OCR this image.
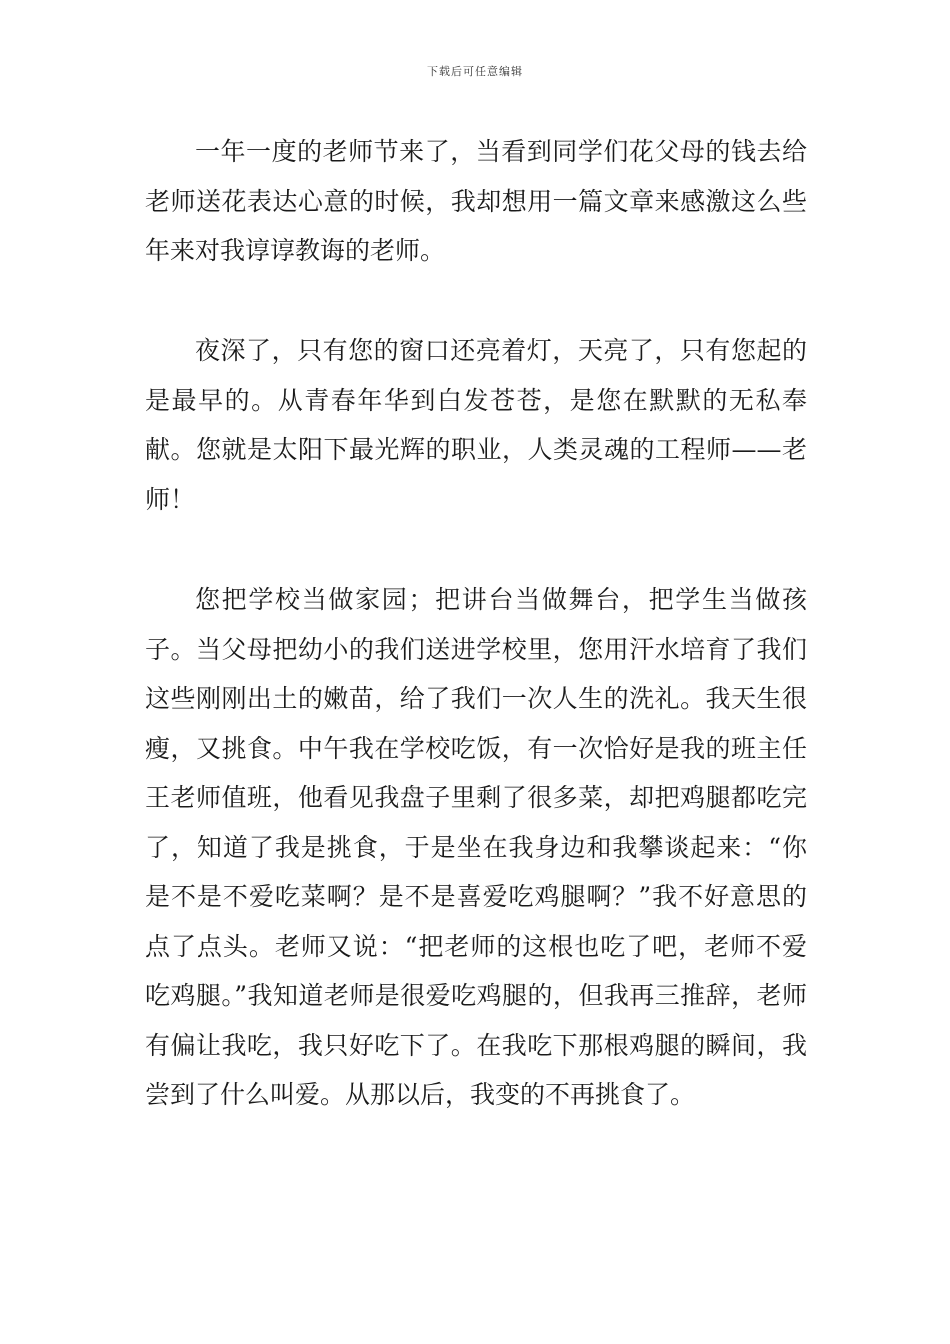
下载后可任意编辑

一年一度的老师节来了，当看到同学们花父母的钱去给老师送花表达心意的时候，我却想用一篇文章来感激这么些年来对我谆谆教诲的老师。

夜深了，只有您的窗口还亮着灯，天亮了，只有您起的是最早的。从青春年华到白发苍苍，是您在默默的无私奉献。您就是太阳下最光辉的职业，人类灵魂的工程师——老师！

您把学校当做家园；把讲台当做舞台，把学生当做孩子。当父母把幼小的我们送进学校里，您用汗水培育了我们这些刚刚出土的嫩苗，给了我们一次人生的洗礼。我天生很瘦，又挑食。中午我在学校吃饭，有一次恰好是我的班主任王老师值班，他看见我盘子里剩了很多菜，却把鸡腿都吃完了，知道了我是挑食，于是坐在我身边和我攀谈起来：“你是不是不爱吃菜啊？是不是喜爱吃鸡腿啊？”我不好意思的点了点头。老师又说：“把老师的这根也吃了吧，老师不爱吃鸡腿。”我知道老师是很爱吃鸡腿的，但我再三推辞，老师有偏让我吃，我只好吃下了。在我吃下那根鸡腿的瞬间，我尝到了什么叫爱。从那以后，我变的不再挑食了。
